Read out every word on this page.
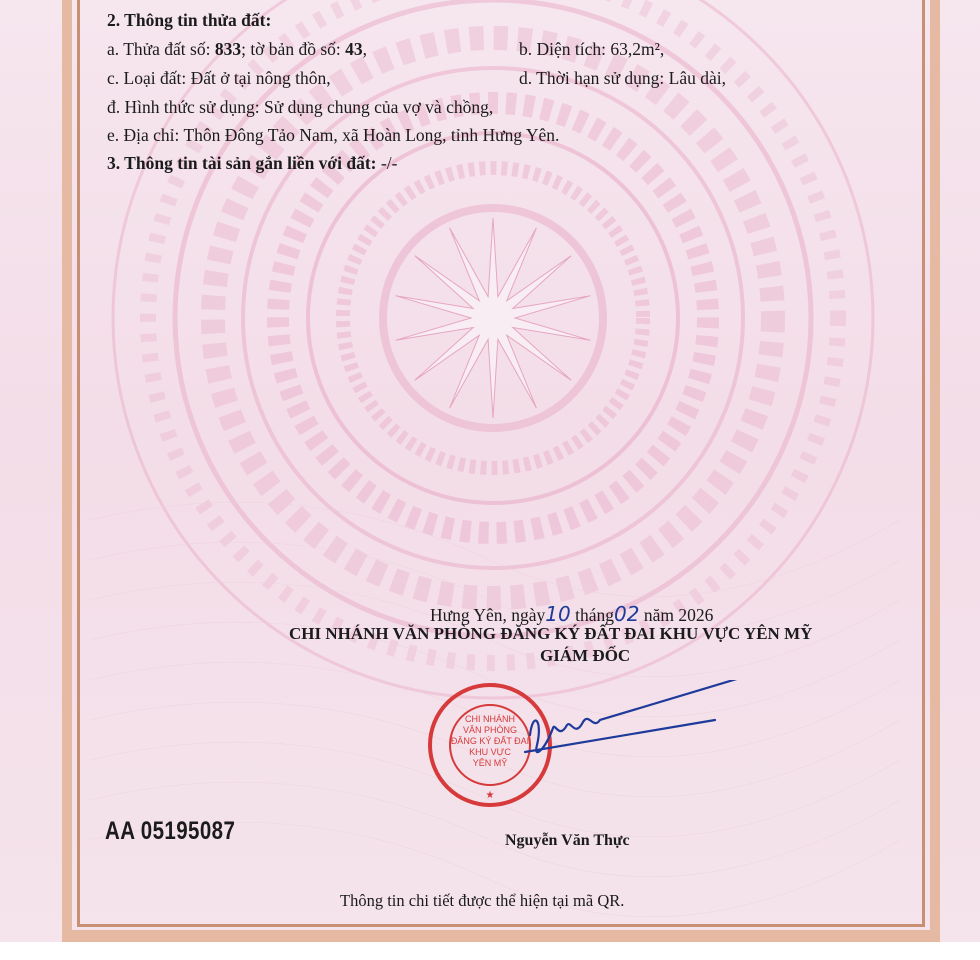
2. Thông tin thửa đất:
a. Thửa đất số: 833; tờ bản đồ số: 43,	b. Diện tích: 63,2m²,
c. Loại đất: Đất ở tại nông thôn,	d. Thời hạn sử dụng: Lâu dài,
đ. Hình thức sử dụng: Sử dụng chung của vợ và chồng,
e. Địa chỉ: Thôn Đông Tảo Nam, xã Hoàn Long, tỉnh Hưng Yên.
3. Thông tin tài sản gắn liền với đất: -/-
Hưng Yên, ngày10 tháng02 năm 2026
CHI NHÁNH VĂN PHÒNG ĐĂNG KÝ ĐẤT ĐAI KHU VỰC YÊN MỸ
GIÁM ĐỐC
CHI NHÁNH
VĂN PHÒNG
ĐĂNG KÝ ĐẤT ĐAI
KHU VỰC
YÊN MỸ
★
AA 05195087	Nguyễn Văn Thực
Thông tin chi tiết được thể hiện tại mã QR.
